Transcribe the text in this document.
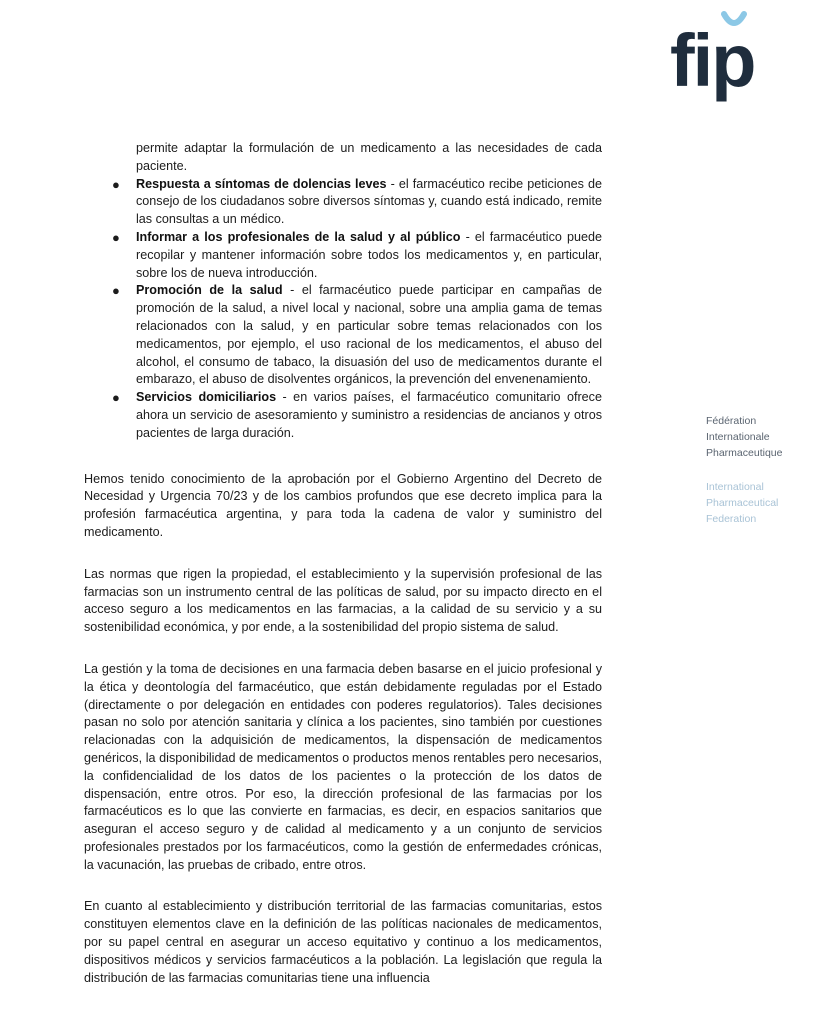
fip
Fédération
Internationale
Pharmaceutique
International
Pharmaceutical
Federation

permite adaptar la formulación de un medicamento a las necesidades de cada paciente.

● Respuesta a síntomas de dolencias leves - el farmacéutico recibe peticiones de consejo de los ciudadanos sobre diversos síntomas y, cuando está indicado, remite las consultas a un médico.
● Informar a los profesionales de la salud y al público - el farmacéutico puede recopilar y mantener información sobre todos los medicamentos y, en particular, sobre los de nueva introducción.
● Promoción de la salud - el farmacéutico puede participar en campañas de promoción de la salud, a nivel local y nacional, sobre una amplia gama de temas relacionados con la salud, y en particular sobre temas relacionados con los medicamentos, por ejemplo, el uso racional de los medicamentos, el abuso del alcohol, el consumo de tabaco, la disuasión del uso de medicamentos durante el embarazo, el abuso de disolventes orgánicos, la prevención del envenenamiento.
● Servicios domiciliarios - en varios países, el farmacéutico comunitario ofrece ahora un servicio de asesoramiento y suministro a residencias de ancianos y otros pacientes de larga duración.

Hemos tenido conocimiento de la aprobación por el Gobierno Argentino del Decreto de Necesidad y Urgencia 70/23 y de los cambios profundos que ese decreto implica para la profesión farmacéutica argentina, y para toda la cadena de valor y suministro del medicamento.

Las normas que rigen la propiedad, el establecimiento y la supervisión profesional de las farmacias son un instrumento central de las políticas de salud, por su impacto directo en el acceso seguro a los medicamentos en las farmacias, a la calidad de su servicio y a su sostenibilidad económica, y por ende, a la sostenibilidad del propio sistema de salud.

La gestión y la toma de decisiones en una farmacia deben basarse en el juicio profesional y la ética y deontología del farmacéutico, que están debidamente reguladas por el Estado (directamente o por delegación en entidades con poderes regulatorios). Tales decisiones pasan no solo por atención sanitaria y clínica a los pacientes, sino también por cuestiones relacionadas con la adquisición de medicamentos, la dispensación de medicamentos genéricos, la disponibilidad de medicamentos o productos menos rentables pero necesarios, la confidencialidad de los datos de los pacientes o la protección de los datos de dispensación, entre otros. Por eso, la dirección profesional de las farmacias por los farmacéuticos es lo que las convierte en farmacias, es decir, en espacios sanitarios que aseguran el acceso seguro y de calidad al medicamento y a un conjunto de servicios profesionales prestados por los farmacéuticos, como la gestión de enfermedades crónicas, la vacunación, las pruebas de cribado, entre otros.

En cuanto al establecimiento y distribución territorial de las farmacias comunitarias, estos constituyen elementos clave en la definición de las políticas nacionales de medicamentos, por su papel central en asegurar un acceso equitativo y continuo a los medicamentos, dispositivos médicos y servicios farmacéuticos a la población. La legislación que regula la distribución de las farmacias comunitarias tiene una influencia
